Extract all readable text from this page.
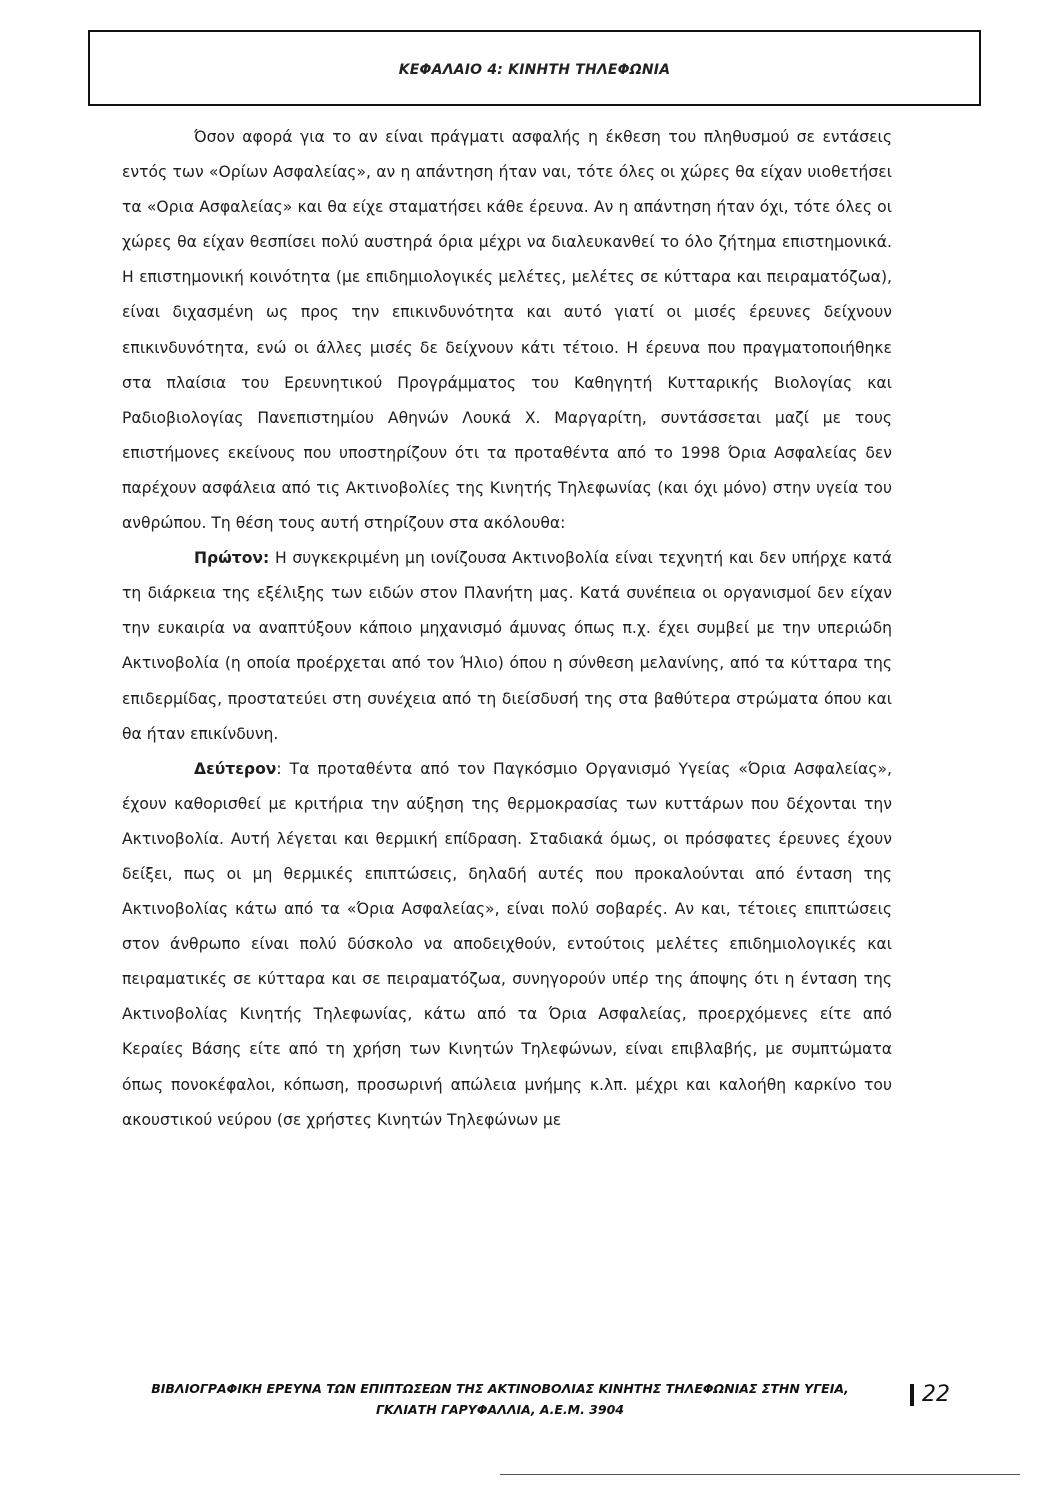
ΚΕΦΑΛΑΙΟ 4: ΚΙΝΗΤΗ ΤΗΛΕΦΩΝΙΑ

Όσον αφορά για το αν είναι πράγματι ασφαλής η έκθεση του πληθυσμού σε εντάσεις εντός των «Ορίων Ασφαλείας», αν η απάντηση ήταν ναι, τότε όλες οι χώρες θα είχαν υιοθετήσει τα «Ορια Ασφαλείας» και θα είχε σταματήσει κάθε έρευνα. Αν η απάντηση ήταν όχι, τότε όλες οι χώρες θα είχαν θεσπίσει πολύ αυστηρά όρια μέχρι να διαλευκανθεί το όλο ζήτημα επιστημονικά. Η επιστημονική κοινότητα (με επιδημιολογικές μελέτες, μελέτες σε κύτταρα και πειραματόζωα), είναι διχασμένη ως προς την επικινδυνότητα και αυτό γιατί οι μισές έρευνες δείχνουν επικινδυνότητα, ενώ οι άλλες μισές δε δείχνουν κάτι τέτοιο. Η έρευνα που πραγματοποιήθηκε στα πλαίσια του Ερευνητικού Προγράμματος του Καθηγητή Κυτταρικής Βιολογίας και Ραδιοβιολογίας Πανεπιστημίου Αθηνών Λουκά Χ. Μαργαρίτη, συντάσσεται μαζί με τους επιστήμονες εκείνους που υποστηρίζουν ότι τα προταθέντα από το 1998 Όρια Ασφαλείας δεν παρέχουν ασφάλεια από τις Ακτινοβολίες της Κινητής Τηλεφωνίας (και όχι μόνο) στην υγεία του ανθρώπου. Τη θέση τους αυτή στηρίζουν στα ακόλουθα:

Πρώτον: Η συγκεκριμένη μη ιονίζουσα Ακτινοβολία είναι τεχνητή και δεν υπήρχε κατά τη διάρκεια της εξέλιξης των ειδών στον Πλανήτη μας. Κατά συνέπεια οι οργανισμοί δεν είχαν την ευκαιρία να αναπτύξουν κάποιο μηχανισμό άμυνας όπως π.χ. έχει συμβεί με την υπεριώδη Ακτινοβολία (η οποία προέρχεται από τον Ήλιο) όπου η σύνθεση μελανίνης, από τα κύτταρα της επιδερμίδας, προστατεύει στη συνέχεια από τη διείσδυσή της στα βαθύτερα στρώματα όπου και θα ήταν επικίνδυνη.

Δεύτερον: Τα προταθέντα από τον Παγκόσμιο Οργανισμό Υγείας «Όρια Ασφαλείας», έχουν καθορισθεί με κριτήρια την αύξηση της θερμοκρασίας των κυττάρων που δέχονται την Ακτινοβολία. Αυτή λέγεται και θερμική επίδραση. Σταδιακά όμως, οι πρόσφατες έρευνες έχουν δείξει, πως οι μη θερμικές επιπτώσεις, δηλαδή αυτές που προκαλούνται από ένταση της Ακτινοβολίας κάτω από τα «Όρια Ασφαλείας», είναι πολύ σοβαρές. Αν και, τέτοιες επιπτώσεις στον άνθρωπο είναι πολύ δύσκολο να αποδειχθούν, εντούτοις μελέτες επιδημιολογικές και πειραματικές σε κύτταρα και σε πειραματόζωα, συνηγορούν υπέρ της άποψης ότι η ένταση της Ακτινοβολίας Κινητής Τηλεφωνίας, κάτω από τα Όρια Ασφαλείας, προερχόμενες είτε από Κεραίες Βάσης είτε από τη χρήση των Κινητών Τηλεφώνων, είναι επιβλαβής, με συμπτώματα όπως πονοκέφαλοι, κόπωση, προσωρινή απώλεια μνήμης κ.λπ. μέχρι και καλοήθη καρκίνο του ακουστικού νεύρου (σε χρήστες Κινητών Τηλεφώνων με

ΒΙΒΛΙΟΓΡΑΦΙΚΗ ΕΡΕΥΝΑ ΤΩΝ ΕΠΙΠΤΩΣΕΩΝ ΤΗΣ ΑΚΤΙΝΟΒΟΛΙΑΣ ΚΙΝΗΤΗΣ ΤΗΛΕΦΩΝΙΑΣ ΣΤΗΝ ΥΓΕΙΑ,
ΓΚΛΙΑΤΗ ΓΑΡΥΦΑΛΛΙΑ, Α.Ε.Μ. 3904
22
